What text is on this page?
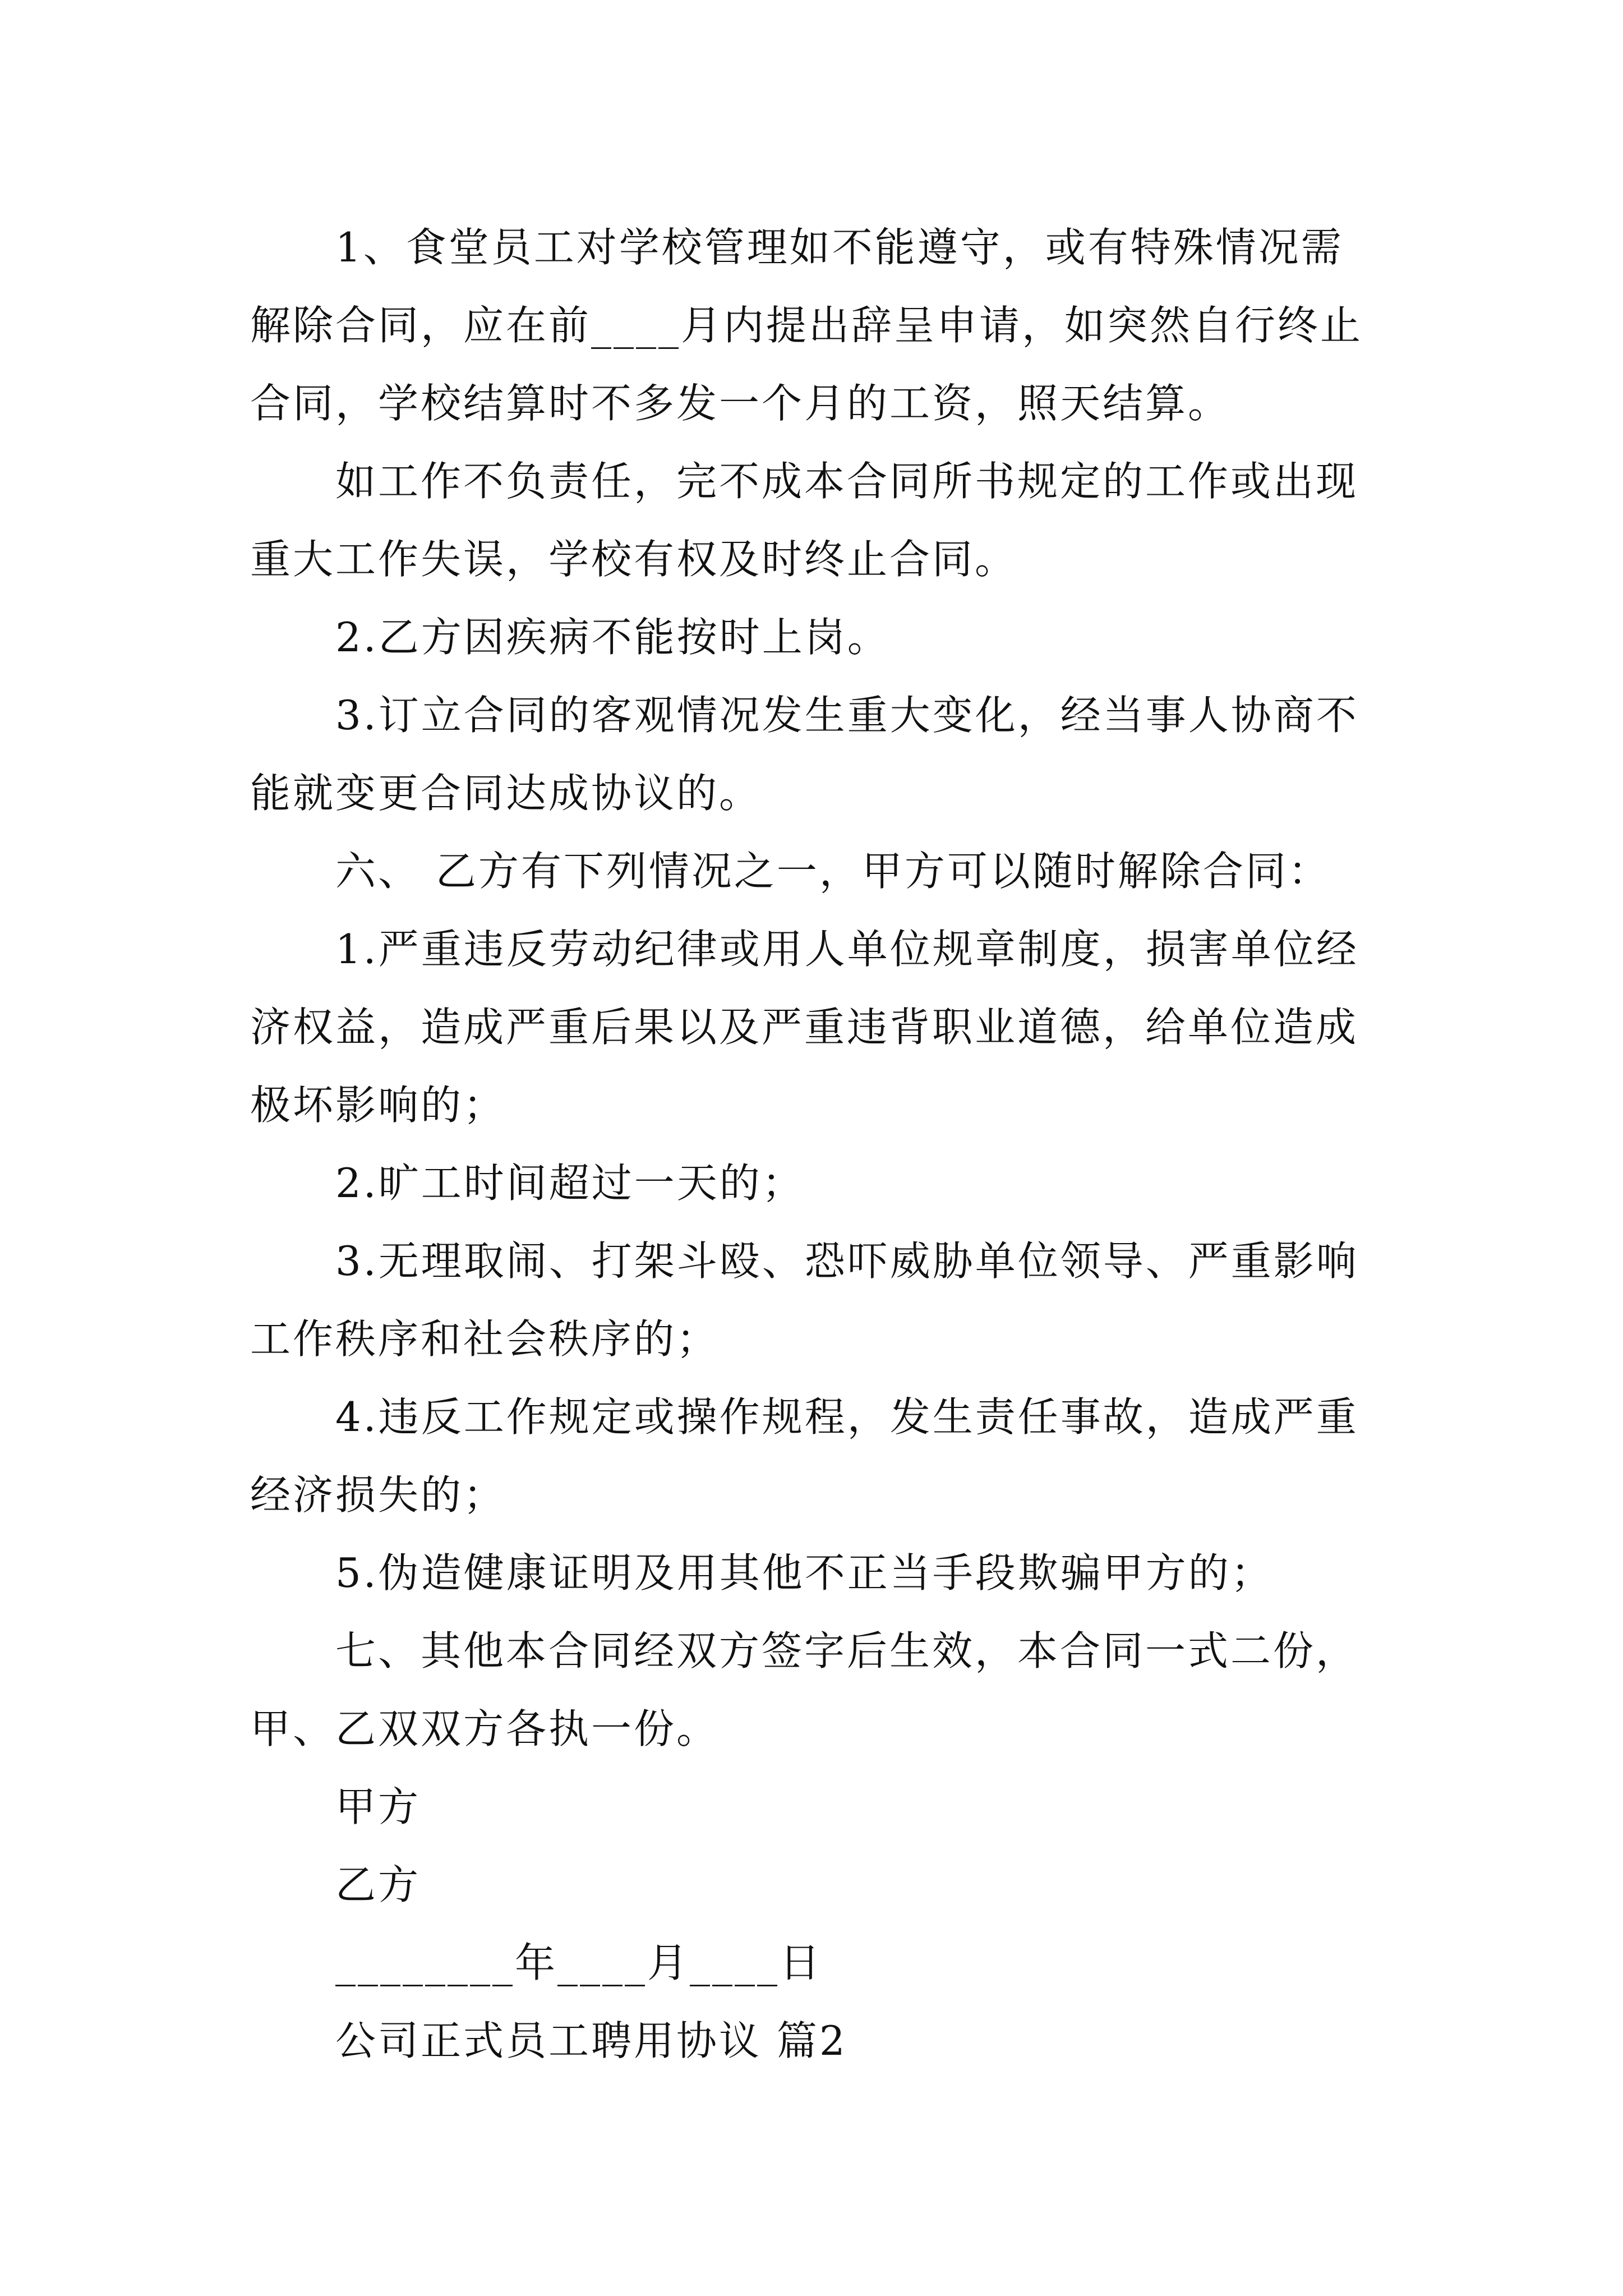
1、食堂员工对学校管理如不能遵守，或有特殊情况需解除合同，应在前____月内提出辞呈申请，如突然自行终止合同，学校结算时不多发一个月的工资，照天结算。

如工作不负责任，完不成本合同所书规定的工作或出现重大工作失误，学校有权及时终止合同。

2.乙方因疾病不能按时上岗。

3.订立合同的客观情况发生重大变化，经当事人协商不能就变更合同达成协议的。

六、 乙方有下列情况之一，甲方可以随时解除合同：

1.严重违反劳动纪律或用人单位规章制度，损害单位经济权益，造成严重后果以及严重违背职业道德，给单位造成极坏影响的；

2.旷工时间超过一天的；

3.无理取闹、打架斗殴、恐吓威胁单位领导、严重影响工作秩序和社会秩序的；

4.违反工作规定或操作规程，发生责任事故，造成严重经济损失的；

5.伪造健康证明及用其他不正当手段欺骗甲方的；

七、其他本合同经双方签字后生效，本合同一式二份，甲、乙双双方各执一份。

甲方

乙方

________年____月____日

公司正式员工聘用协议 篇2
